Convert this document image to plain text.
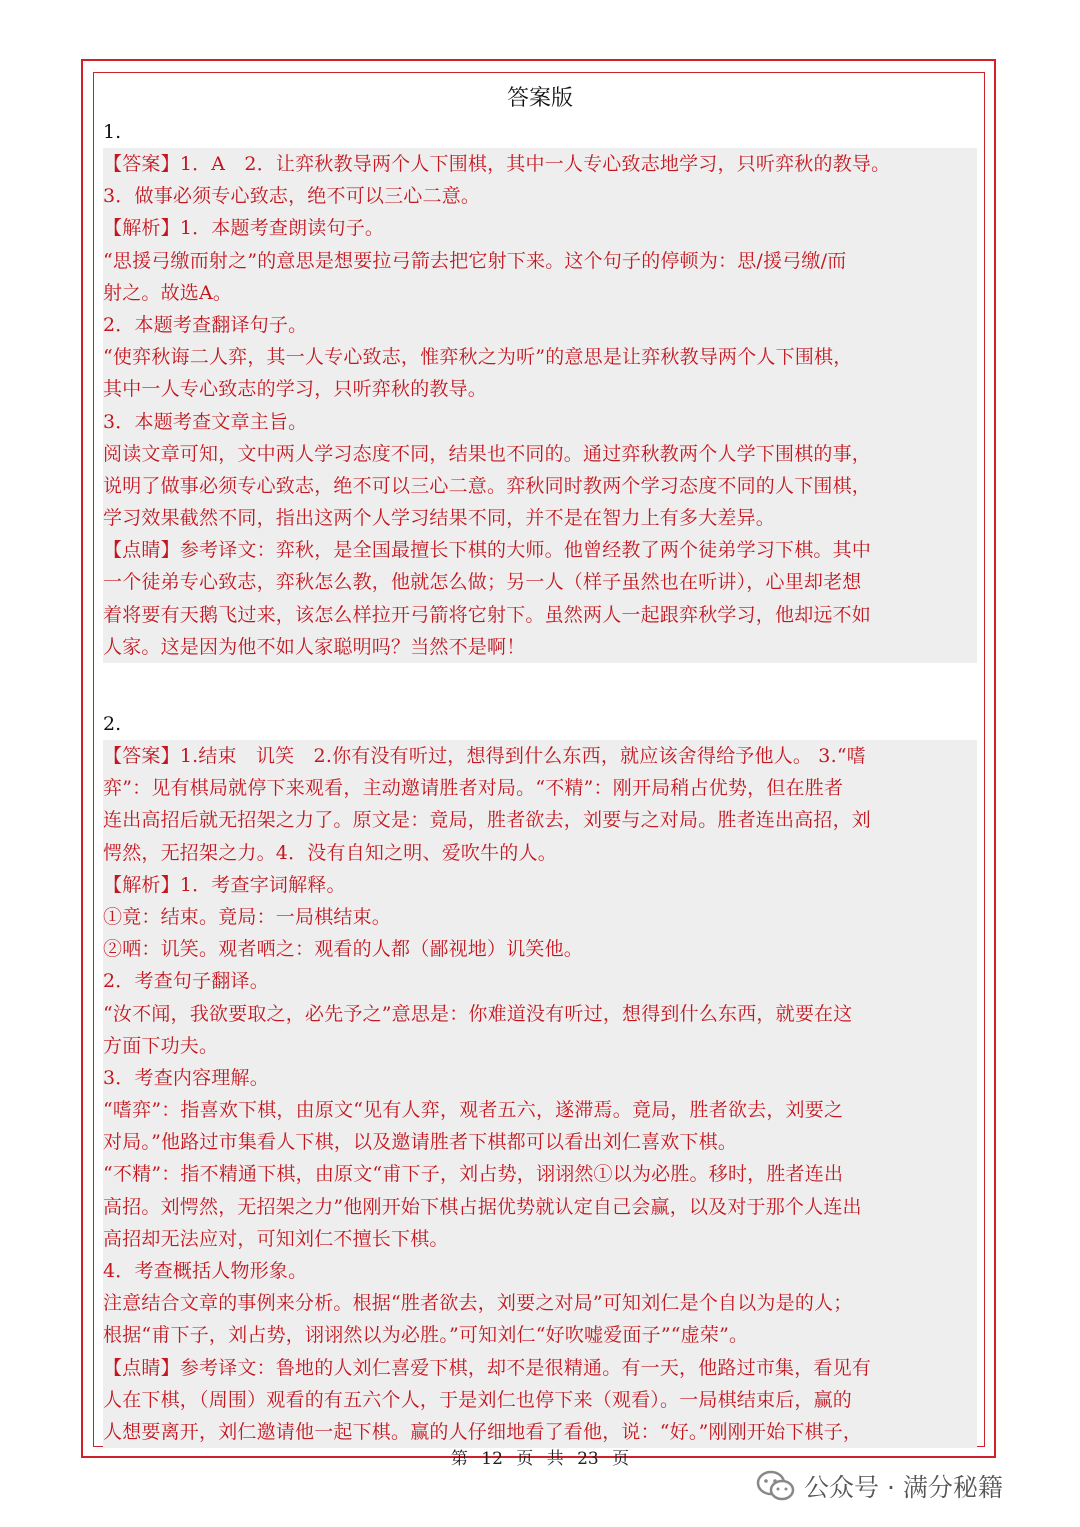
答案版
1.
【答案】1．A　2．让弈秋教导两个人下围棋，其中一人专心致志地学习，只听弈秋的教导。
3．做事必须专心致志，绝不可以三心二意。
【解析】1．本题考查朗读句子。
“思援弓缴而射之”的意思是想要拉弓箭去把它射下来。这个句子的停顿为：思/援弓缴/而
射之。故选A。
2．本题考查翻译句子。
“使弈秋诲二人弈，其一人专心致志，惟弈秋之为听”的意思是让弈秋教导两个人下围棋，
其中一人专心致志的学习，只听弈秋的教导。
3．本题考查文章主旨。
阅读文章可知，文中两人学习态度不同，结果也不同的。通过弈秋教两个人学下围棋的事，
说明了做事必须专心致志，绝不可以三心二意。弈秋同时教两个学习态度不同的人下围棋，
学习效果截然不同，指出这两个人学习结果不同，并不是在智力上有多大差异。
【点睛】参考译文：弈秋，是全国最擅长下棋的大师。他曾经教了两个徒弟学习下棋。其中
一个徒弟专心致志，弈秋怎么教，他就怎么做；另一人（样子虽然也在听讲），心里却老想
着将要有天鹅飞过来，该怎么样拉开弓箭将它射下。虽然两人一起跟弈秋学习，他却远不如
人家。这是因为他不如人家聪明吗？当然不是啊！
2.
【答案】1.结束　讥笑　2.你有没有听过，想得到什么东西，就应该舍得给予他人。 3.“嗜
弈”：见有棋局就停下来观看，主动邀请胜者对局。“不精”：刚开局稍占优势，但在胜者
连出高招后就无招架之力了。原文是：竟局，胜者欲去，刘要与之对局。胜者连出高招，刘
愕然，无招架之力。4．没有自知之明、爱吹牛的人。
【解析】1．考查字词解释。
①竟：结束。竟局：一局棋结束。
②哂：讥笑。观者哂之：观看的人都（鄙视地）讥笑他。
2．考查句子翻译。
“汝不闻，我欲要取之，必先予之”意思是：你难道没有听过，想得到什么东西，就要在这
方面下功夫。
3．考查内容理解。
“嗜弈”：指喜欢下棋，由原文“见有人弈，观者五六，遂滞焉。竟局，胜者欲去，刘要之
对局。”他路过市集看人下棋，以及邀请胜者下棋都可以看出刘仁喜欢下棋。
“不精”：指不精通下棋，由原文“甫下子，刘占势，诩诩然①以为必胜。移时，胜者连出
高招。刘愕然，无招架之力”他刚开始下棋占据优势就认定自己会赢，以及对于那个人连出
高招却无法应对，可知刘仁不擅长下棋。
4．考查概括人物形象。
注意结合文章的事例来分析。根据“胜者欲去，刘要之对局”可知刘仁是个自以为是的人；
根据“甫下子，刘占势，诩诩然以为必胜。”可知刘仁“好吹嘘爱面子”“虚荣”。
【点睛】参考译文：鲁地的人刘仁喜爱下棋，却不是很精通。有一天，他路过市集，看见有
人在下棋，（周围）观看的有五六个人，于是刘仁也停下来（观看）。一局棋结束后，赢的
人想要离开，刘仁邀请他一起下棋。赢的人仔细地看了看他，说：“好。”刚刚开始下棋子，
第 12 页 共 23 页
公众号 · 满分秘籍
